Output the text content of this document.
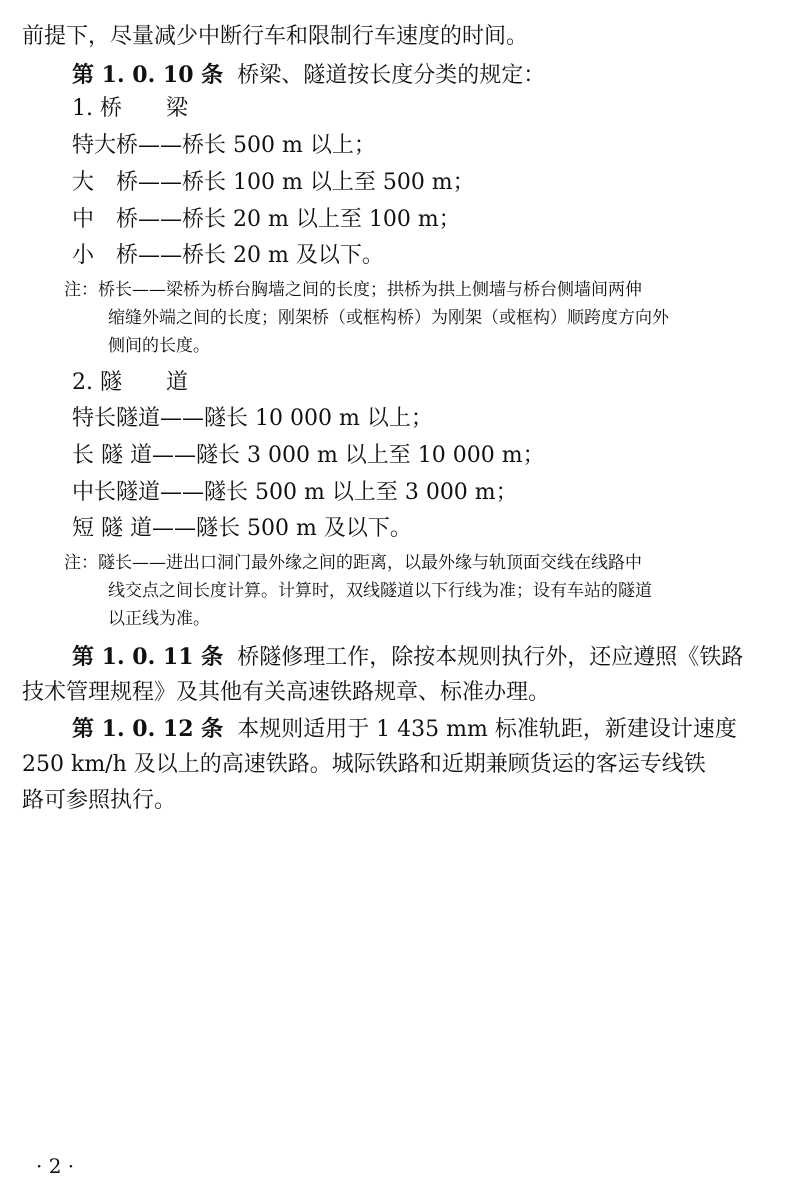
前提下，尽量减少中断行车和限制行车速度的时间。
第 1. 0. 10 条 桥梁、隧道按长度分类的规定：
1. 桥　　梁
特大桥——桥长 500 m 以上；
大　桥——桥长 100 m 以上至 500 m；
中　桥——桥长 20 m 以上至 100 m；
小　桥——桥长 20 m 及以下。
注：桥长——梁桥为桥台胸墙之间的长度；拱桥为拱上侧墙与桥台侧墙间两伸
缩缝外端之间的长度；刚架桥（或框构桥）为刚架（或框构）顺跨度方向外
侧间的长度。
2. 隧　　道
特长隧道——隧长 10 000 m 以上；
长 隧 道——隧长 3 000 m 以上至 10 000 m；
中长隧道——隧长 500 m 以上至 3 000 m；
短 隧 道——隧长 500 m 及以下。
注：隧长——进出口洞门最外缘之间的距离，以最外缘与轨顶面交线在线路中
线交点之间长度计算。计算时，双线隧道以下行线为准；设有车站的隧道
以正线为准。
第 1. 0. 11 条 桥隧修理工作，除按本规则执行外，还应遵照《铁路
技术管理规程》及其他有关高速铁路规章、标准办理。
第 1. 0. 12 条 本规则适用于 1 435 mm 标准轨距，新建设计速度
250 km/h 及以上的高速铁路。城际铁路和近期兼顾货运的客运专线铁
路可参照执行。
· 2 ·
